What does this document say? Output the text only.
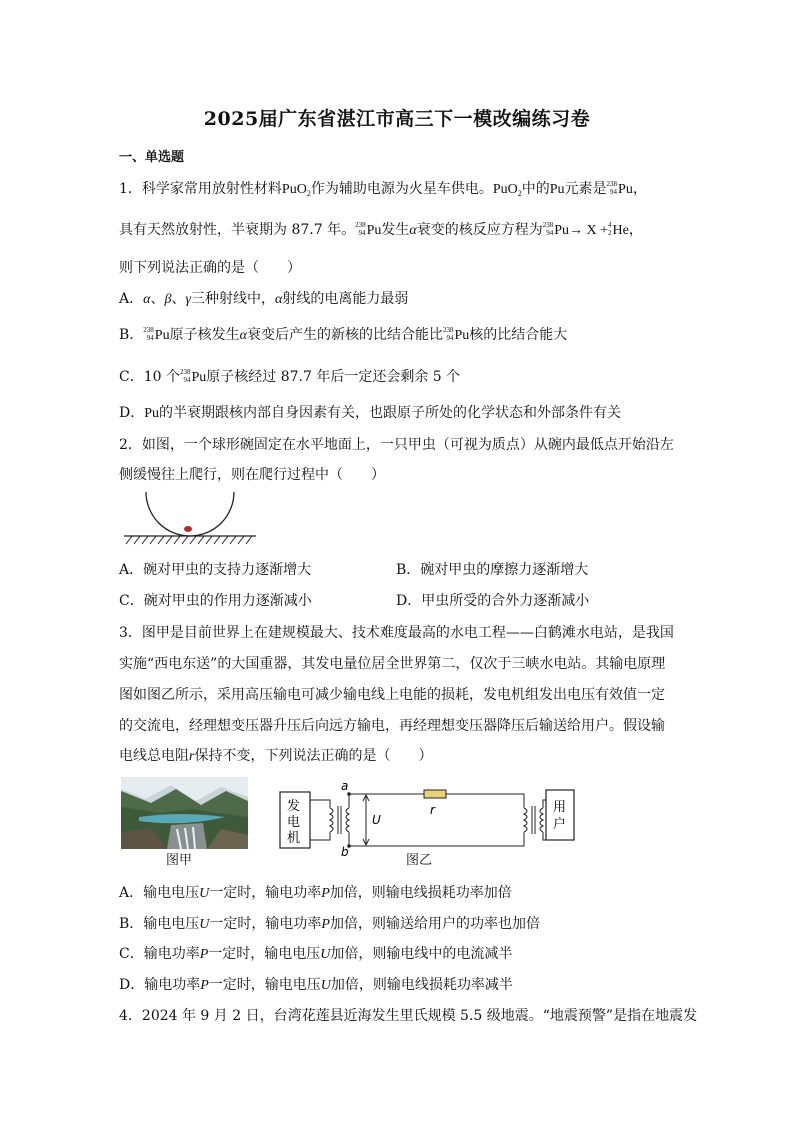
2025届广东省湛江市高三下一模改编练习卷
一、单选题
1．科学家常用放射性材料PuO$_2$作为辅助电源为火星车供电。PuO$_2$中的Pu元素是 238
94 Pu，
具有天然放射性，半衰期为 87.7 年。 238
94 Pu发生α衰变的核反应方程为 238
94 Pu→ X + 4
2 He，
则下列说法正确的是（　　）
A．α、β、γ三种射线中，α射线的电离能力最弱
B． 238
94 Pu原子核发生α衰变后产生的新核的比结合能比 238
94 Pu核的比结合能大
C．10 个 238
94 Pu原子核经过 87.7 年后一定还会剩余 5 个
D．Pu的半衰期跟核内部自身因素有关，也跟原子所处的化学状态和外部条件有关
2．如图，一个球形碗固定在水平地面上，一只甲虫（可视为质点）从碗内最低点开始沿左
侧缓慢往上爬行，则在爬行过程中（　　）
A．碗对甲虫的支持力逐渐增大	B．碗对甲虫的摩擦力逐渐增大
C．碗对甲虫的作用力逐渐减小	D．甲虫所受的合外力逐渐减小
3．图甲是目前世界上在建规模最大、技术难度最高的水电工程——白鹤滩水电站，是我国
实施“西电东送”的大国重器，其发电量位居全世界第二，仅次于三峡水电站。其输电原理
图如图乙所示，采用高压输电可减少输电线上电能的损耗，发电机组发出电压有效值一定
的交流电，经理想变压器升压后向远方输电，再经理想变压器降压后输送给用户。假设输
电线总电阻r保持不变，下列说法正确的是（　　）
图甲
发
电
机
a
b
U
r	用
户
图乙
A．输电电压U一定时，输电功率P加倍，则输电线损耗功率加倍
B．输电电压U一定时，输电功率P加倍，则输送给用户的功率也加倍
C．输电功率P一定时，输电电压U加倍，则输电线中的电流减半
D．输电功率P一定时，输电电压U加倍，则输电线损耗功率减半
4．2024 年 9 月 2 日，台湾花莲县近海发生里氏规模 5.5 级地震。“地震预警”是指在地震发
